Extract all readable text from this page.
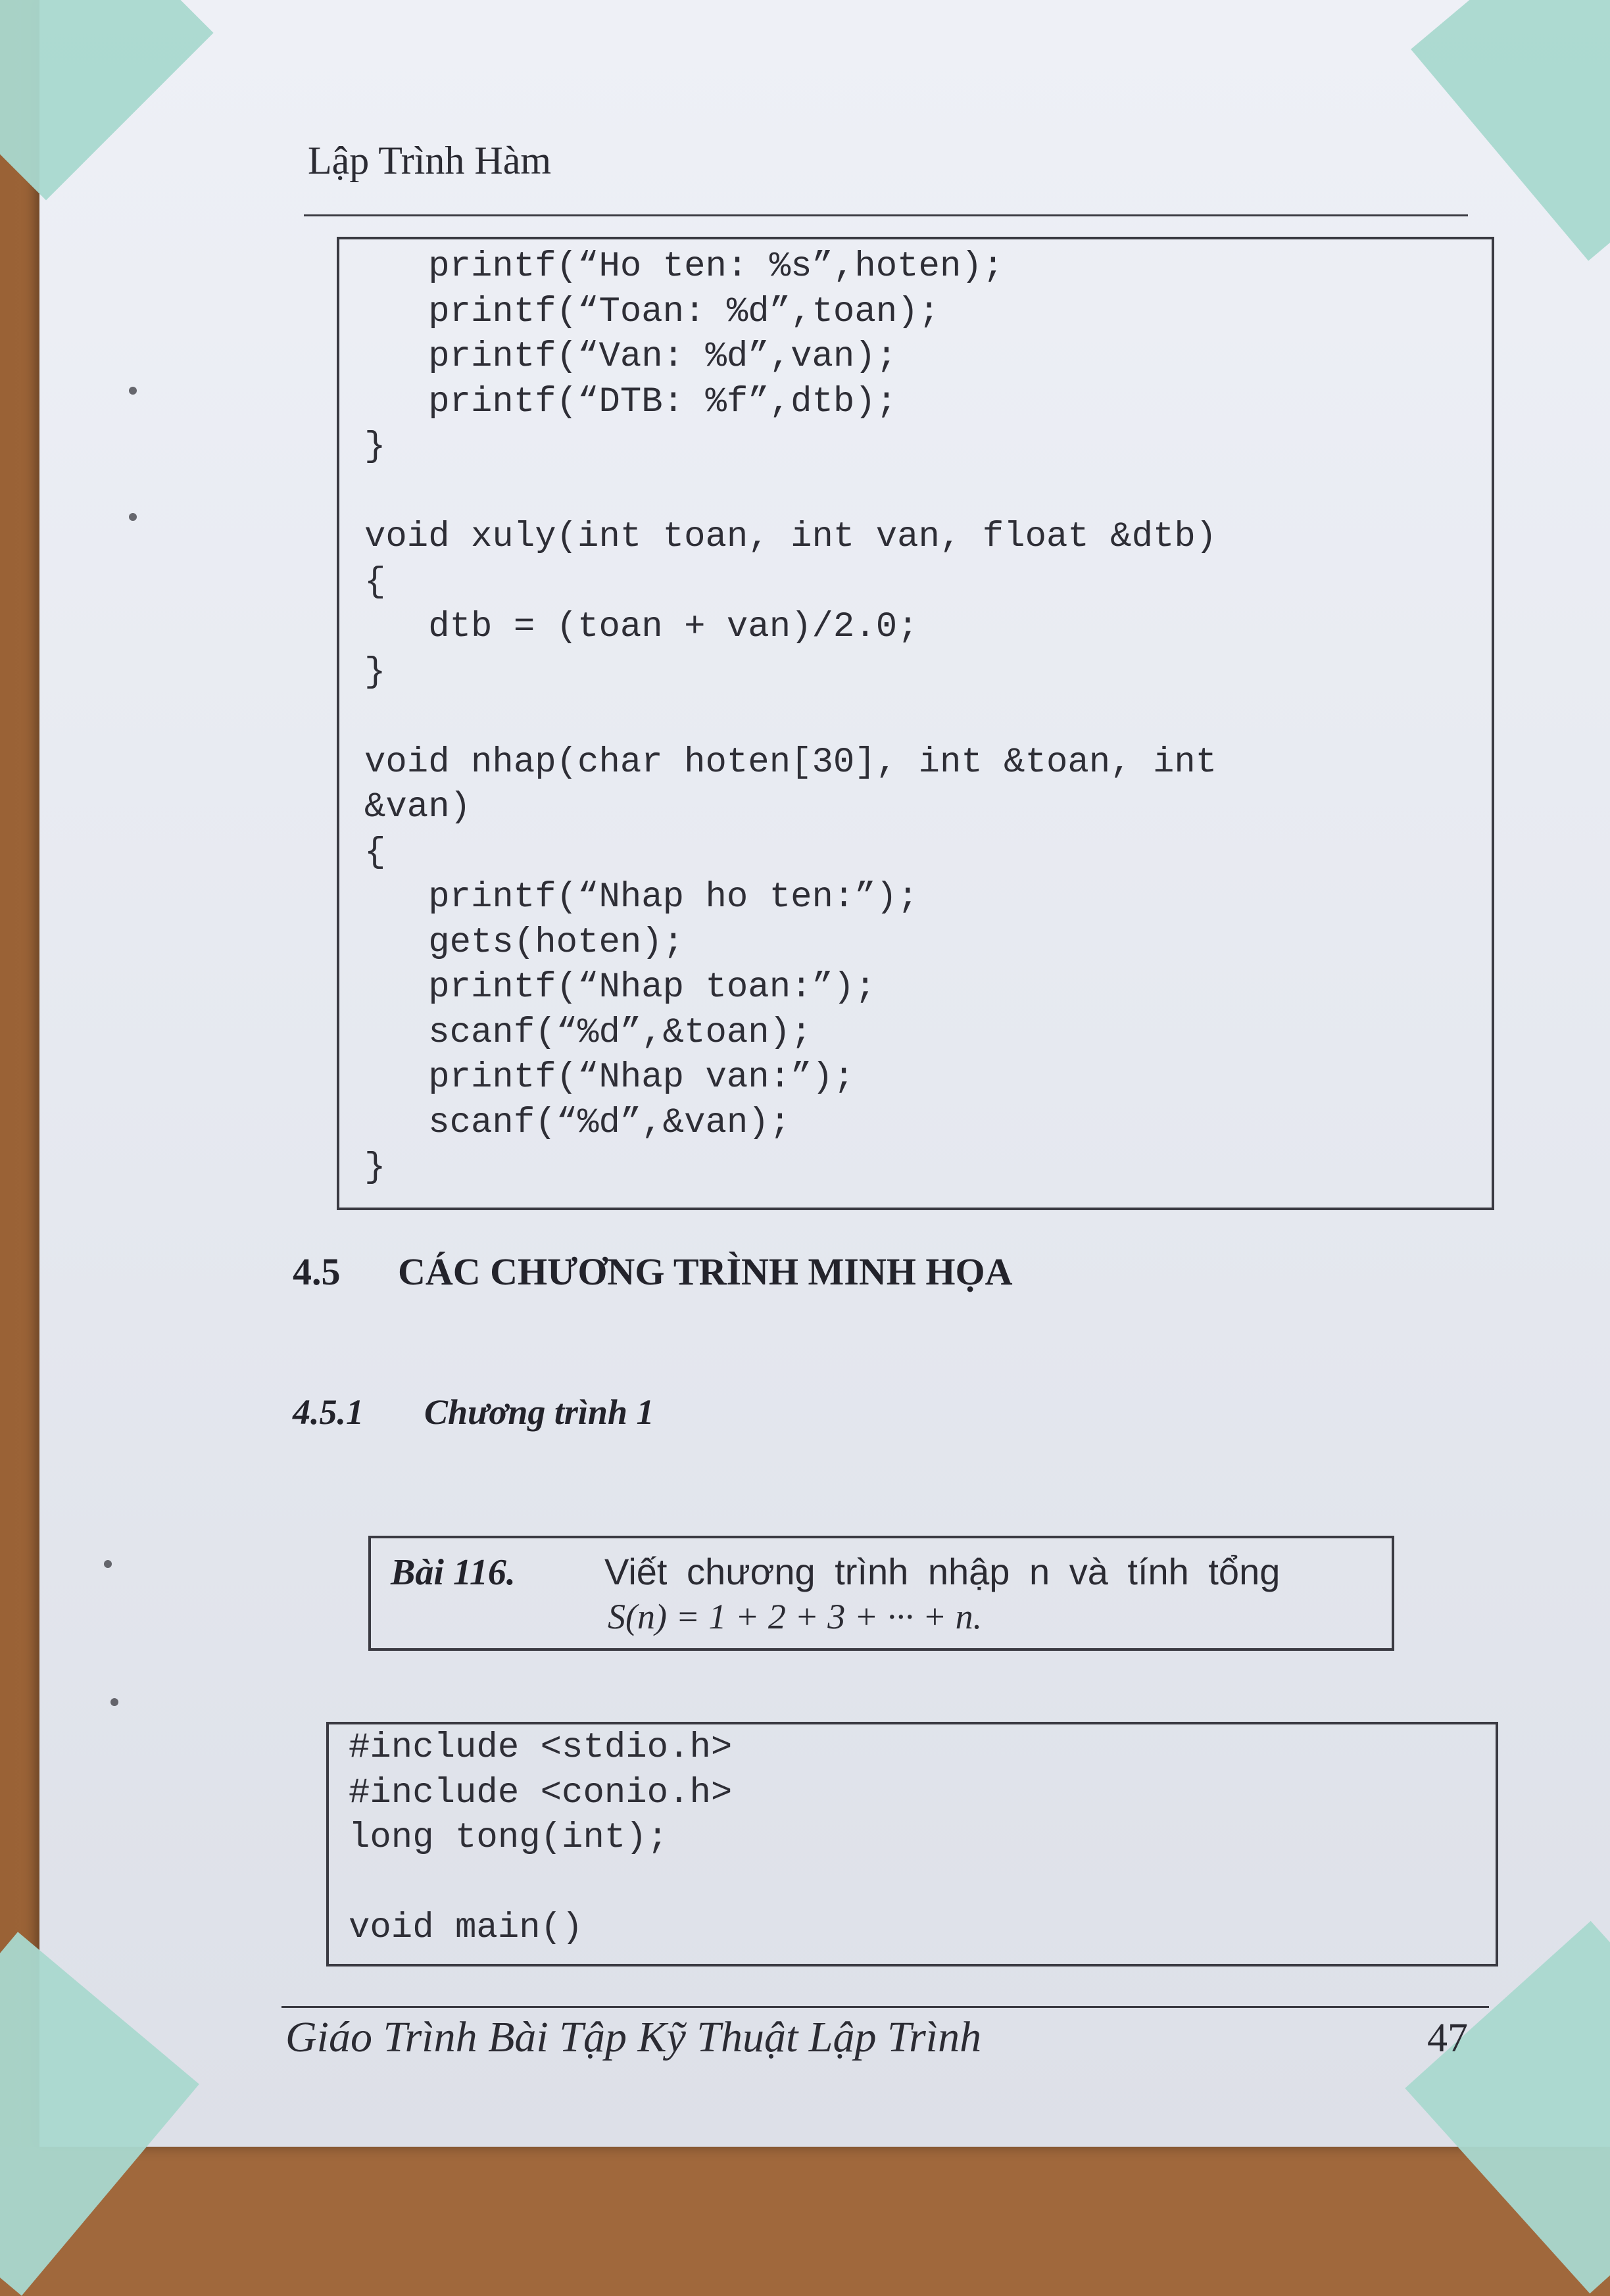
Lập Trình Hàm
printf(“Ho ten: %s”,hoten);
printf(“Toan: %d”,toan);
printf(“Van: %d”,van);
printf(“DTB: %f”,dtb);
}

void xuly(int toan, int van, float &dtb)
{
dtb = (toan + van)/2.0;
}

void nhap(char hoten[30], int &toan, int
&van)
{
printf(“Nhap ho ten:”);
gets(hoten);
printf(“Nhap toan:”);
scanf(“%d”,&toan);
printf(“Nhap van:”);
scanf(“%d”,&van);
}
4.5 CÁC CHƯƠNG TRÌNH MINH HỌA
4.5.1 Chương trình 1
Bài 116. Viết chương trình nhập n và tính tổng
S(n) = 1 + 2 + 3 + ··· + n.
#include <stdio.h>
#include <conio.h>
long tong(int);

void main()
Giáo Trình Bài Tập Kỹ Thuật Lập Trình	47
